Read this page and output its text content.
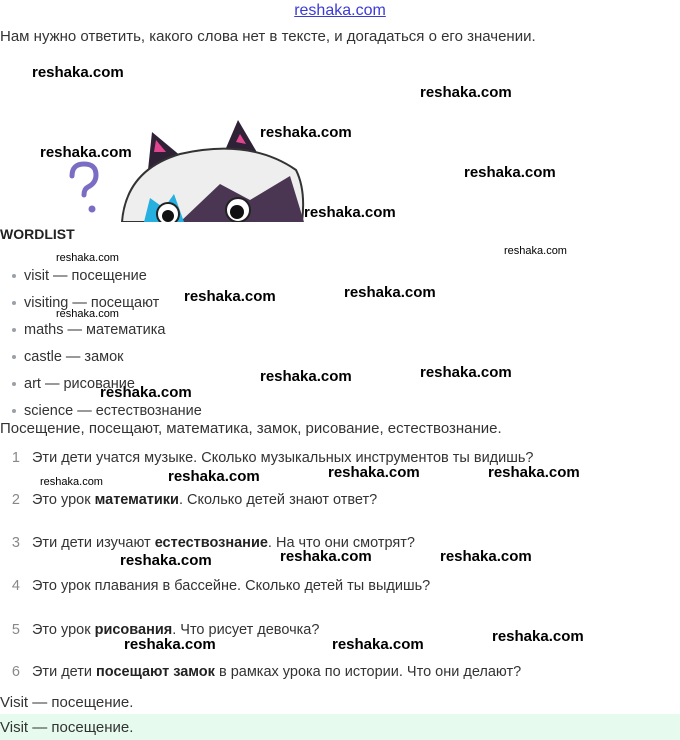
reshaka.com
Нам нужно ответить, какого слова нет в тексте, и догадаться о его значении.
reshaka.com
reshaka.com
reshaka.com
reshaka.com
reshaka.com
reshaka.com
reshaka.com
reshaka.com
reshaka.com
reshaka.com
reshaka.com
reshaka.com
reshaka.com
reshaka.com
reshaka.com	reshaka.com
reshaka.com
reshaka.com
reshaka.com	reshaka.com
reshaka.com
reshaka.com
reshaka.com	reshaka.com
WORDLIST
visit — посещение
visiting — посещают
maths — математика
castle — замок
art — рисование
science — естествознание
Посещение, посещают, математика, замок, рисование, естествознание.
1 Эти дети учатся музыке. Сколько музыкальных инструментов ты видишь?
2 Это урок математики. Сколько детей знают ответ?
3 Эти дети изучают естествознание. На что они смотрят?
4 Это урок плавания в бассейне. Сколько детей ты выдишь?
5 Это урок рисования. Что рисует девочка?
6 Эти дети посещают замок в рамках урока по истории. Что они делают?
Visit — посещение.
Visit — посещение.
